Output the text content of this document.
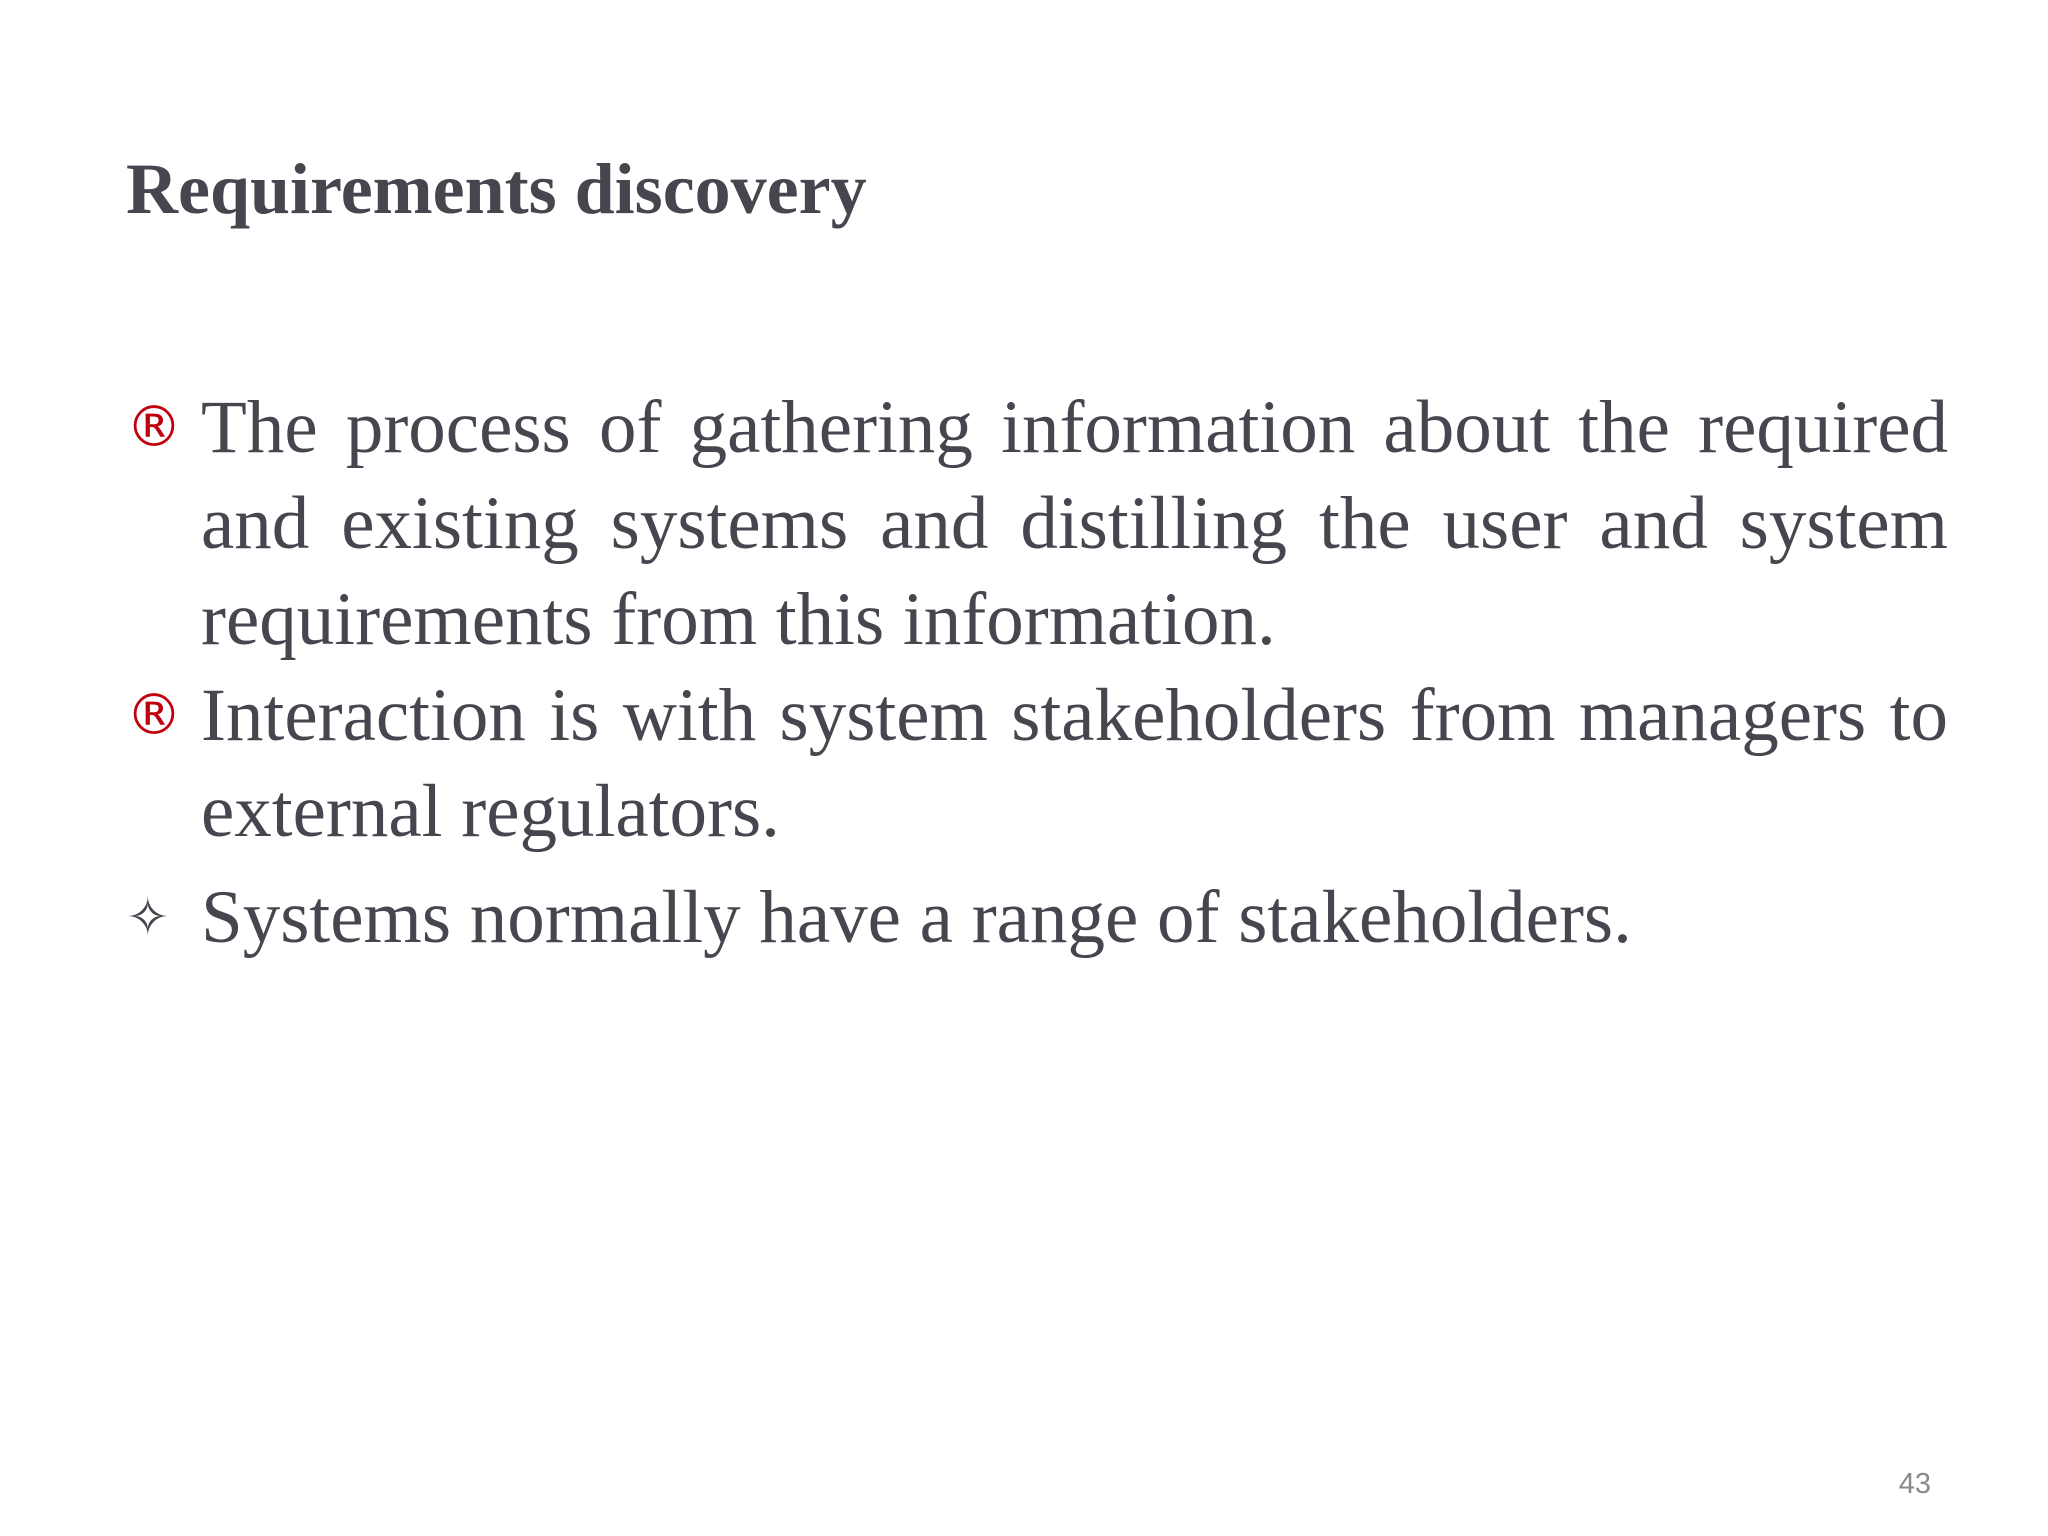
Requirements discovery
® The process of gathering information about the required and existing systems and distilling the user and system requirements from this information.
® Interaction is with system stakeholders from managers to external regulators.
✧ Systems normally have a range of stakeholders.
43
